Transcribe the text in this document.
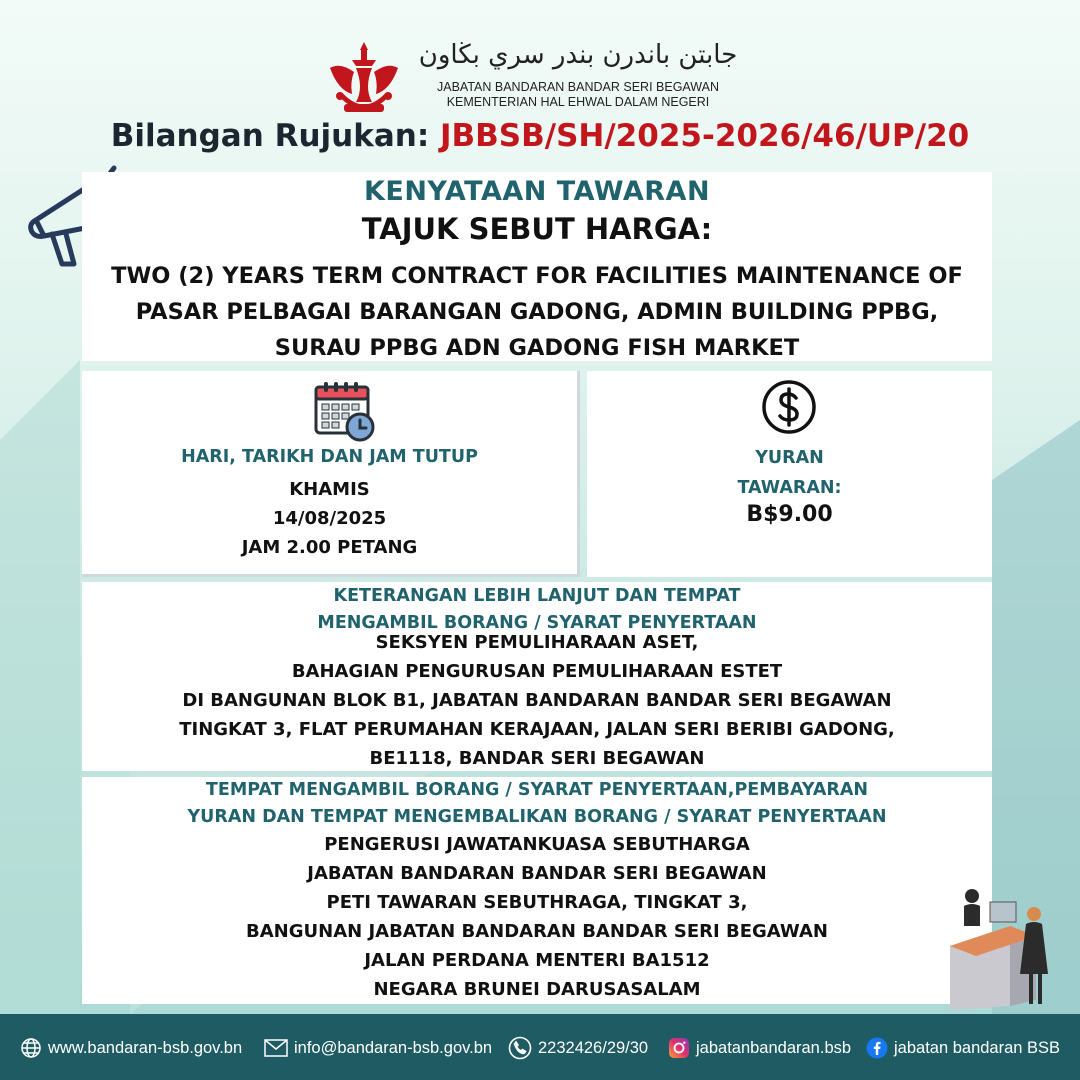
جابتن باندرن بندر سري بڬاون
JABATAN BANDARAN BANDAR SERI BEGAWAN
KEMENTERIAN HAL EHWAL DALAM NEGERI
Bilangan Rujukan: JBBSB/SH/2025-2026/46/UP/20
KENYATAAN TAWARAN
TAJUK SEBUT HARGA:
TWO (2) YEARS TERM CONTRACT FOR FACILITIES MAINTENANCE OF
PASAR PELBAGAI BARANGAN GADONG, ADMIN BUILDING PPBG,
SURAU PPBG ADN GADONG FISH MARKET
HARI, TARIKH DAN JAM TUTUP
KHAMIS
14/08/2025
JAM 2.00 PETANG
YURAN
TAWARAN:
B$9.00
KETERANGAN LEBIH LANJUT DAN TEMPAT
MENGAMBIL BORANG / SYARAT PENYERTAAN
SEKSYEN PEMULIHARAAN ASET,
BAHAGIAN PENGURUSAN PEMULIHARAAN ESTET
DI BANGUNAN BLOK B1, JABATAN BANDARAN BANDAR SERI BEGAWAN
TINGKAT 3, FLAT PERUMAHAN KERAJAAN, JALAN SERI BERIBI GADONG,
BE1118, BANDAR SERI BEGAWAN
TEMPAT MENGAMBIL BORANG / SYARAT PENYERTAAN,PEMBAYARAN
YURAN DAN TEMPAT MENGEMBALIKAN BORANG / SYARAT PENYERTAAN
PENGERUSI JAWATANKUASA SEBUTHARGA
JABATAN BANDARAN BANDAR SERI BEGAWAN
PETI TAWARAN SEBUTHRAGA, TINGKAT 3,
BANGUNAN JABATAN BANDARAN BANDAR SERI BEGAWAN
JALAN PERDANA MENTERI BA1512
NEGARA BRUNEI DARUSASALAM
www.bandaran-bsb.gov.bn	info@bandaran-bsb.gov.bn	2232426/29/30	jabatanbandaran.bsb	jabatan bandaran BSB
